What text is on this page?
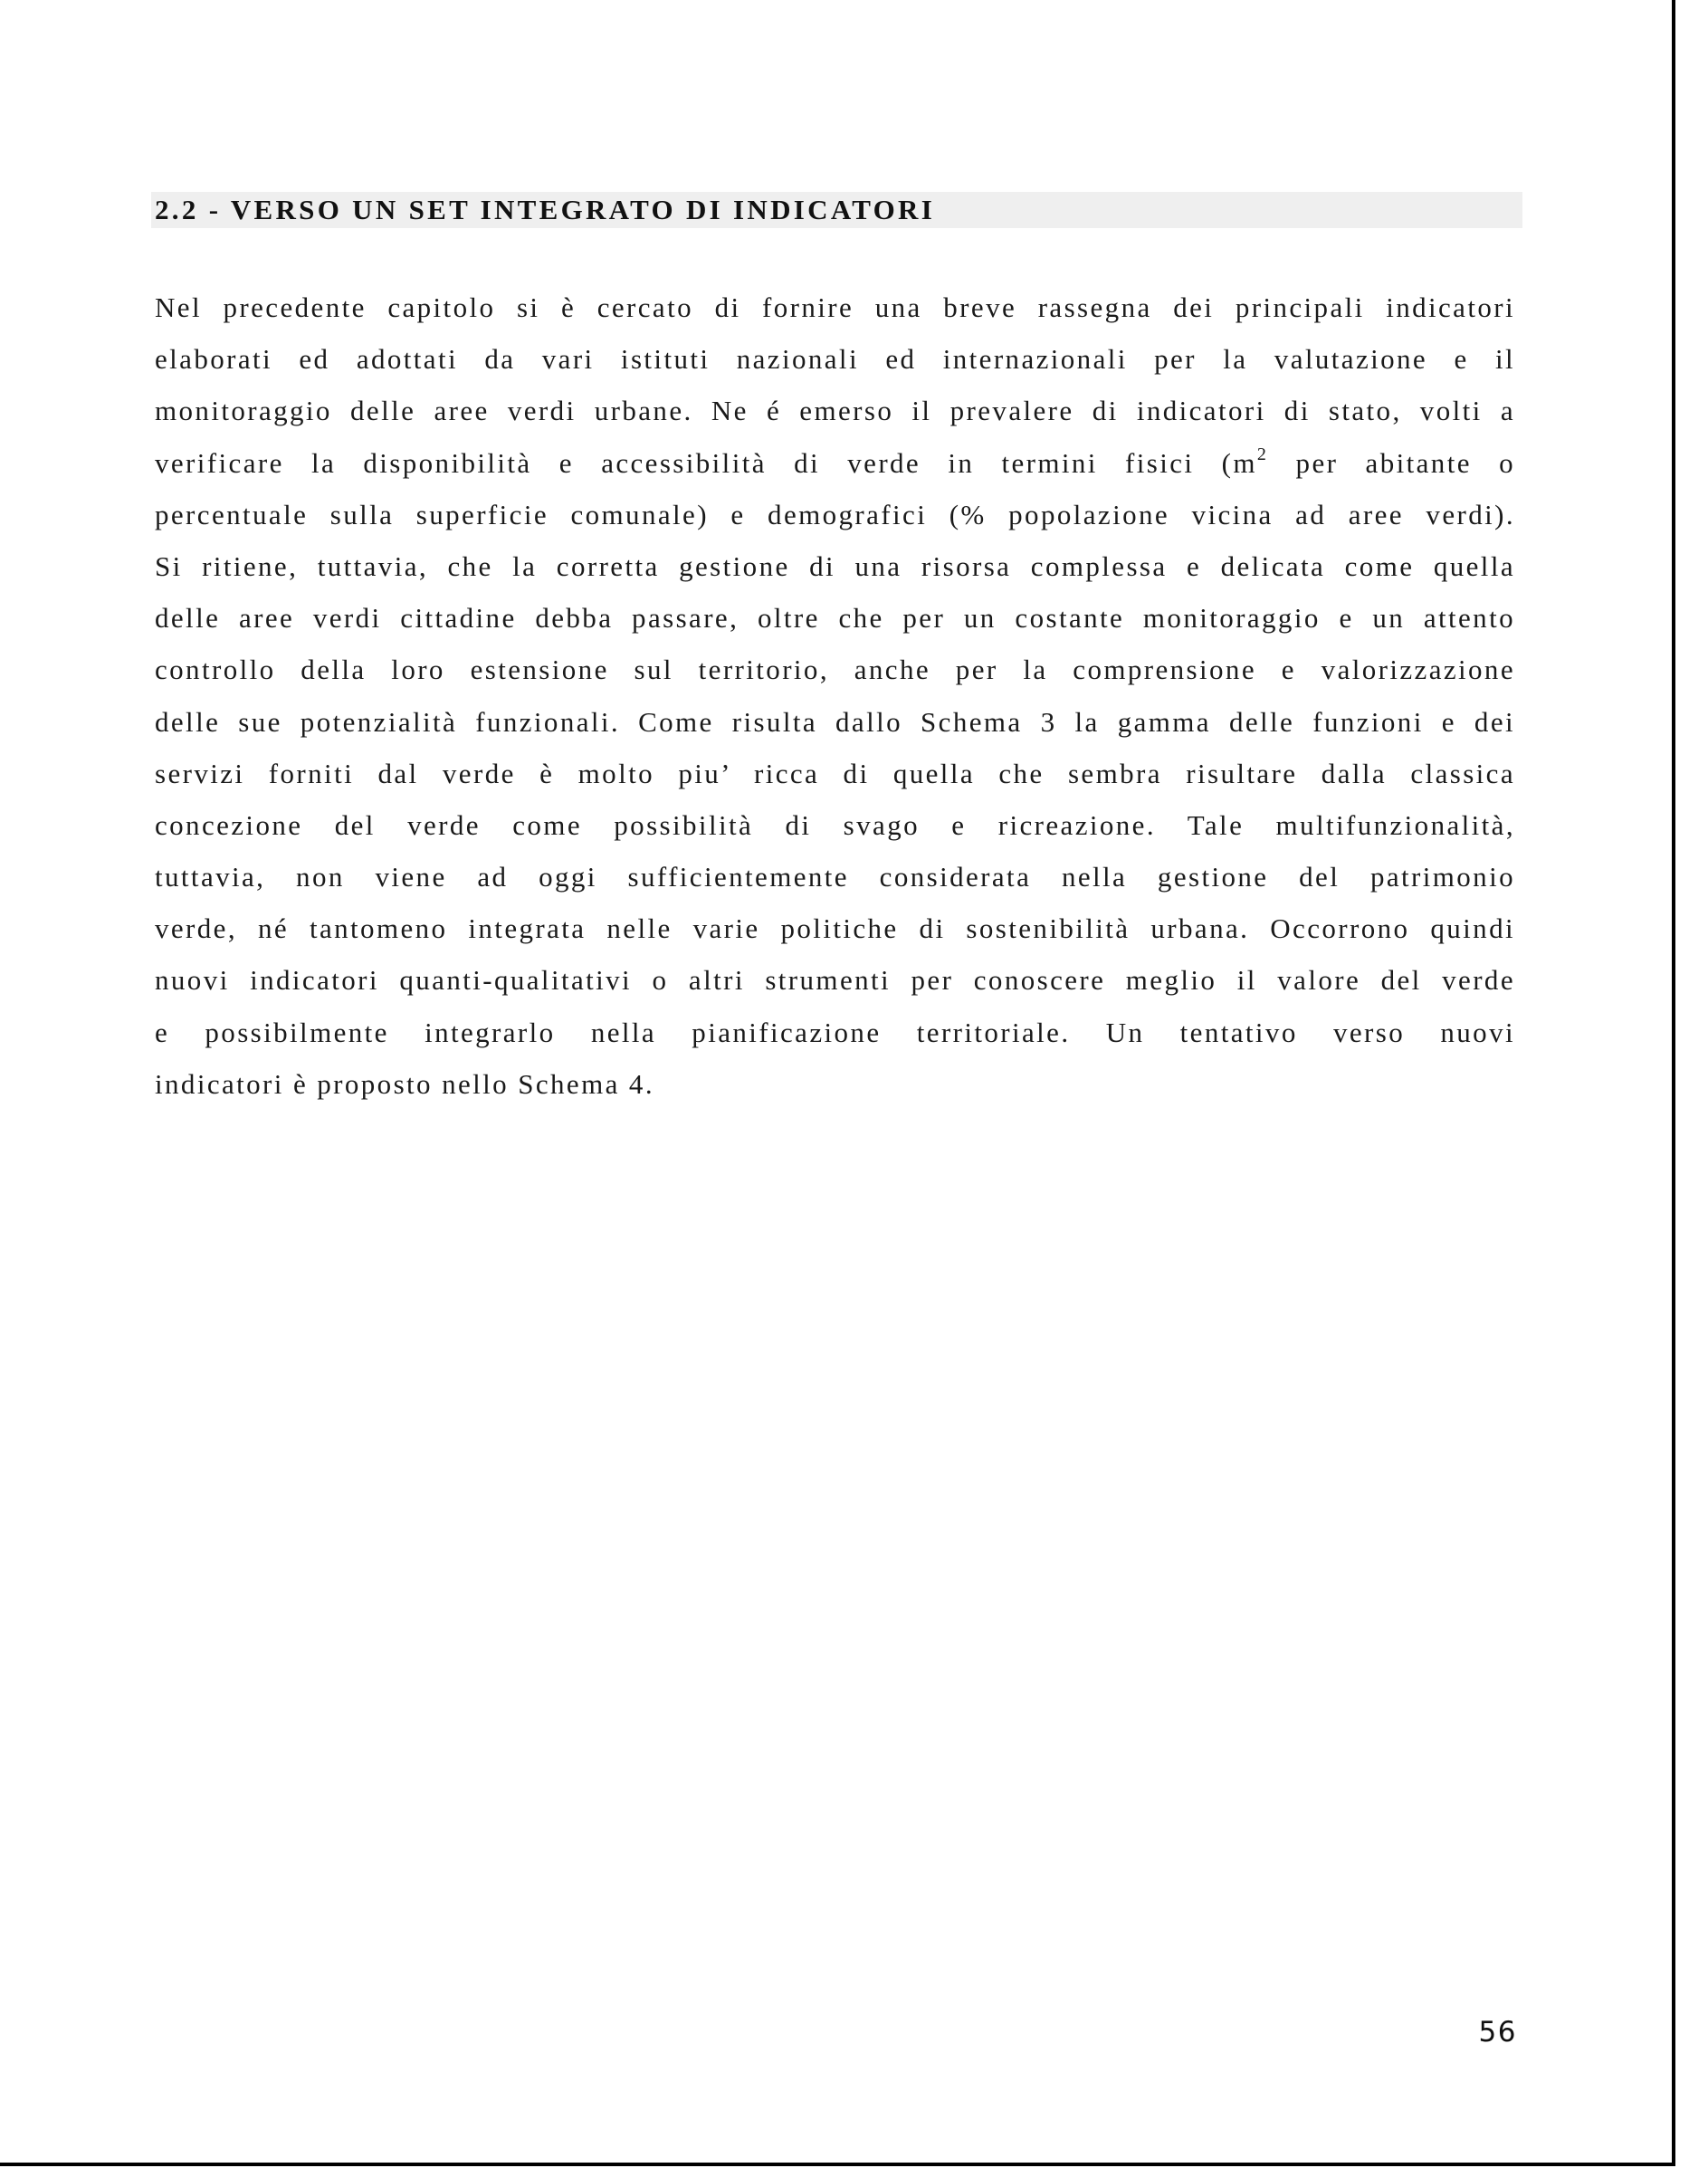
2.2 - VERSO UN SET INTEGRATO DI INDICATORI
Nel precedente capitolo si è cercato di fornire una breve rassegna dei principali indicatori
elaborati ed adottati da vari istituti nazionali ed internazionali per la valutazione e il
monitoraggio delle aree verdi urbane. Ne é emerso il prevalere di indicatori di stato, volti a
verificare la disponibilità e accessibilità di verde in termini fisici ($m^2$ per abitante o
percentuale sulla superficie comunale) e demografici (% popolazione vicina ad aree verdi).
Si ritiene, tuttavia, che la corretta gestione di una risorsa complessa e delicata come quella
delle aree verdi cittadine debba passare, oltre che per un costante monitoraggio e un attento
controllo della loro estensione sul territorio, anche per la comprensione e valorizzazione
delle sue potenzialità funzionali. Come risulta dallo Schema 3 la gamma delle funzioni e dei
servizi forniti dal verde è molto piu’ ricca di quella che sembra risultare dalla classica
concezione del verde come possibilità di svago e ricreazione. Tale multifunzionalità,
tuttavia, non viene ad oggi sufficientemente considerata nella gestione del patrimonio
verde, né tantomeno integrata nelle varie politiche di sostenibilità urbana. Occorrono quindi
nuovi indicatori quanti-qualitativi o altri strumenti per conoscere meglio il valore del verde
e possibilmente integrarlo nella pianificazione territoriale. Un tentativo verso nuovi
indicatori è proposto nello Schema 4.

56
